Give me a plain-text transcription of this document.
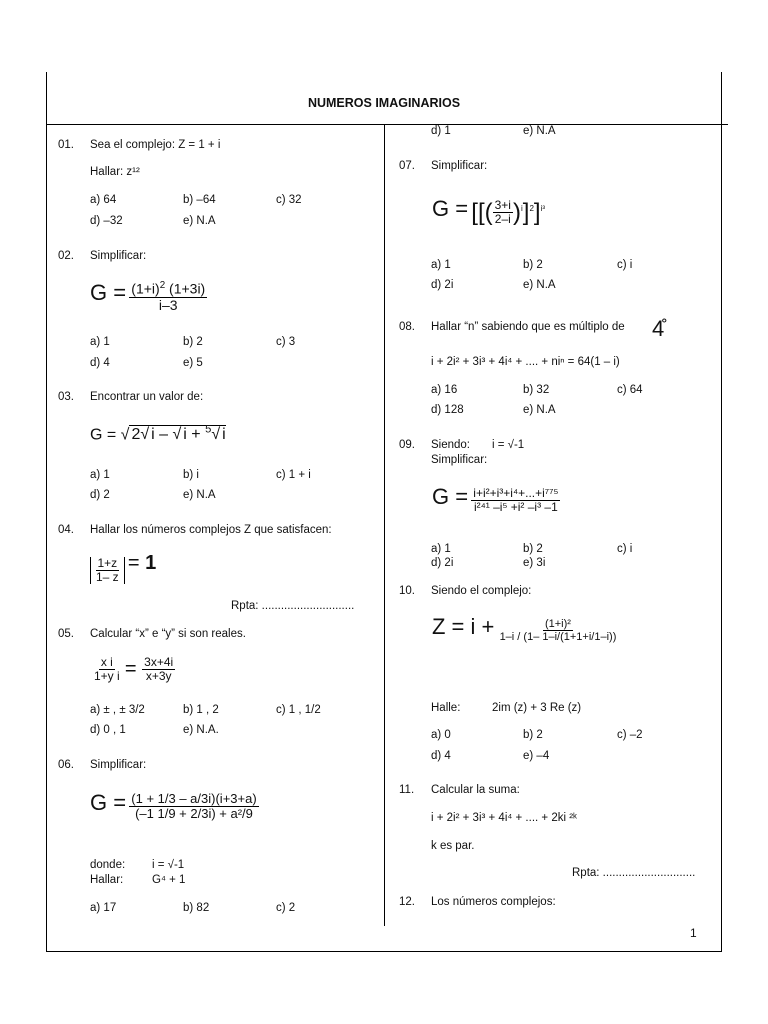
NUMEROS IMAGINARIOS
1
01. Sea el complejo: Z = 1 + i
Hallar: z¹²
a) 64	b) –64	c) 32
d) –32	e) N.A
02. Simplificar:
$G = \frac{(1+i)^2 (1+3i)}{i-3}$
a) 1	b) 2	c) 3
d) 4	e) 5
03. Encontrar un valor de:
G = √ 2√ i – √ i + $^5$√ i
a) 1	b) i	c) 1 + i
d) 2	e) N.A
04. Hallar los números complejos Z que satisfacen:
$\frac{1+z}{1- z} = 1$
Rpta: .............................
05. Calcular “x” e “y” si son reales.
$\frac{\text{x i}}{\text{1+y i}} = \frac{3x+4i}{x+3y}$
a) ± , ± 3/2	b) 1 , 2	c) 1 , 1/2
d) 0 , 1	e) N.A.
06. Simplificar:
$G = \frac{(1 + 1/3 - a/3i)(i+3+a)}{\text{(–1 1/9 + 2/3i) + a²/9}}$
donde: i = √-1
Hallar:	G⁴ + 1
a) 17	b) 82	c) 2
d) 1	e) N.A
07. Simplificar:
G = [[( $\frac{3+i}{2-i} )^i]^2]^{i^3}$
a) 1	b) 2	c) i
d) 2i	e) N.A
08. Hallar “n” sabiendo que es múltiplo de 4̊
i + 2i² + 3i³ + 4i⁴ + .... + niⁿ = 64(1 – i)
a) 16	b) 32	c) 64
d) 128	e) N.A
09. Siendo: i = √-1
Simplificar:
$G = \frac{\text{i+i²+i³+i⁴+...+i⁷⁷⁵}}{\text{i²⁴¹ –i⁵ +i² –i³ –1}}$
a) 1	b) 2	c) i
d) 2i	e) 3i
10. Siendo el complejo:
$Z = i + \frac{\text{(1+i)²}}{1-i / (1- 1-i/(1+1+i/1-i))}$
Halle:	2im (z) + 3 Re (z)
a) 0	b) 2	c) –2
d) 4	e) –4
11. Calcular la suma:
i + 2i² + 3i³ + 4i⁴ + .... + 2ki ²ᵏ
k es par.
Rpta: .............................
12. Los números complejos:
